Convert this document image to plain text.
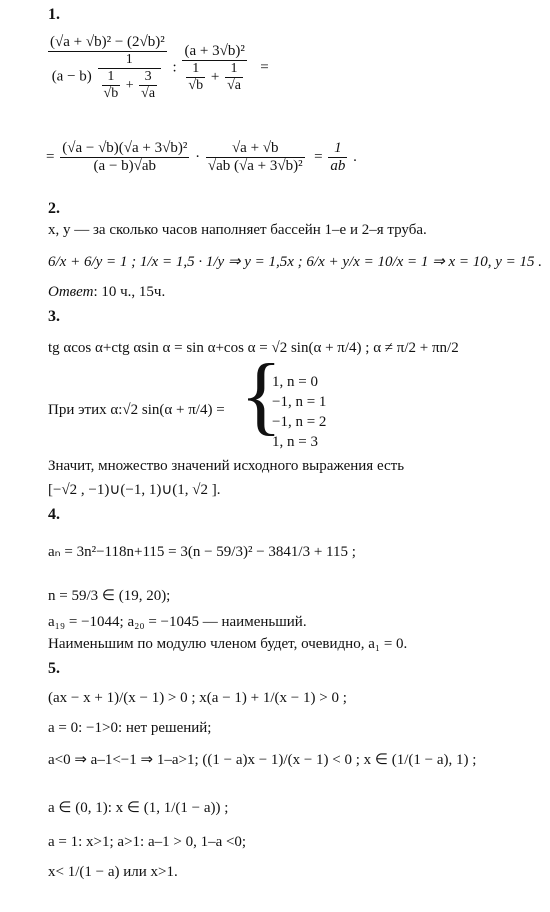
1.
(√a + √b)² − (2√b)²
$(a - b) \frac{1}{\frac{1}{√b} + \frac{3}{√a}}$ : $\frac{\text{(a + 3√b)²}}{\frac{1}{√b} + \frac{1}{√a}}$ =
= $\frac{\text{(√a − √b)(√a + 3√b)²}}{(a - b)√ab} \cdot \frac{√a + √b}{\text{√ab (√a + 3√b)²}} = \frac{1}{ab}$ .
2.
x, y — за сколько часов наполняет бассейн 1–е и 2–я труба.
6/x + 6/y = 1 ; 1/x = 1,5 · 1/y ⇒ y = 1,5x ; 6/x + y/x = 10/x = 1 ⇒ x = 10, y = 15 .
Ответ: 10 ч., 15ч.
3.
tg αcos α+ctg αsin α = sin α+cos α = √2 sin(α + π/4) ; α ≠ π/2 + πn/2
При этих α:√2 sin(α + π/4) = {
1, n = 0
−1, n = 1
−1, n = 2
1, n = 3
Значит, множество значений исходного выражения есть
[−√2 , −1)∪(−1, 1)∪(1, √2 ].
4.
aₙ = 3n²−118n+115 = 3(n − 59/3)² − 3841/3 + 115 ;
n = 59/3 ∈ (19, 20);
a₁₉ = −1044; a₂₀ = −1045 — наименьший.
Наименьшим по модулю членом будет, очевидно, a₁ = 0.
5.
(ax − x + 1)/(x − 1) > 0 ; x(a − 1) + 1/(x − 1) > 0 ;
a = 0: −1>0: нет решений;
a<0 ⇒ a–1<−1 ⇒ 1–a>1; ((1 − a)x − 1)/(x − 1) < 0 ; x ∈ (1/(1 − a), 1) ;
a ∈ (0, 1): x ∈ (1, 1/(1 − a)) ;
a = 1: x>1; a>1: a–1 > 0, 1–a <0;
x< 1/(1 − a) или x>1.
